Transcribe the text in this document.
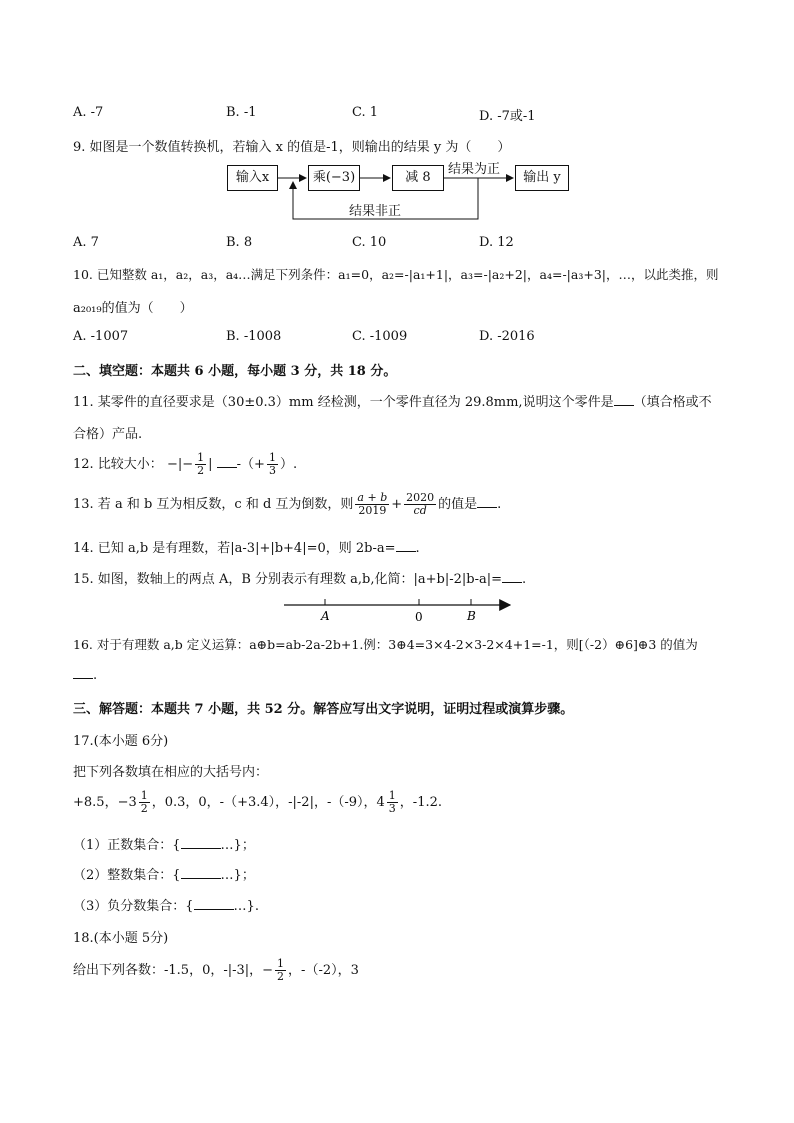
A. -7	B. -1	C. 1	D. -7或-1
9. 如图是一个数值转换机，若输入 x 的值是-1，则输出的结果 y 为（　　）
输入x	乘(−3)	减 8	输出 y
结果为正
结果非正
A. 7	B. 8	C. 10	D. 12
10. 已知整数 a₁，a₂，a₃，a₄…满足下列条件：a₁=0，a₂=-|a₁+1|，a₃=-|a₂+2|，a₄=-|a₃+3|，…，以此类推，则
a₂₀₁₉的值为（　　）
A. -1007	B. -1008	C. -1009	D. -2016
二、填空题：本题共 6 小题，每小题 3 分，共 18 分。
11. 某零件的直径要求是（30±0.3）mm 经检测，一个零件直径为 29.8mm,说明这个零件是 （填合格或不
合格）产品.
12. 比较大小： −|− $\frac{1}{2}$ | -（+ $\frac{1}{3}$ ）.
13. 若 a 和 b 互为相反数，c 和 d 互为倒数，则 $\frac{a + b}{2019} + \frac{2020}{cd}$ 的值是 .
14. 已知 a,b 是有理数，若|a-3|+|b+4|=0，则 2b-a= .
15. 如图，数轴上的两点 A，B 分别表示有理数 a,b,化简：|a+b|-2|b-a|= .
A	0	B
16. 对于有理数 a,b 定义运算：a⊕b=ab-2a-2b+1.例：3⊕4=3×4-2×3-2×4+1=-1，则[（-2）⊕6]⊕3 的值为
.
三、解答题：本题共 7 小题，共 52 分。解答应写出文字说明，证明过程或演算步骤。
17.(本小题 6分)
把下列各数填在相应的大括号内：
+8.5，$-3 \frac{1}{2}$ ，0.3，0，-（+3.4），-|-2|，-（-9），$4 \frac{1}{3}$ ，-1.2.
（1）正数集合：{	…}；
（2）整数集合：{	…}；
（3）负分数集合：{	…}.
18.(本小题 5分)
给出下列各数：-1.5，0，-|-3|，− $\frac{1}{2}$ ，-（-2），3
